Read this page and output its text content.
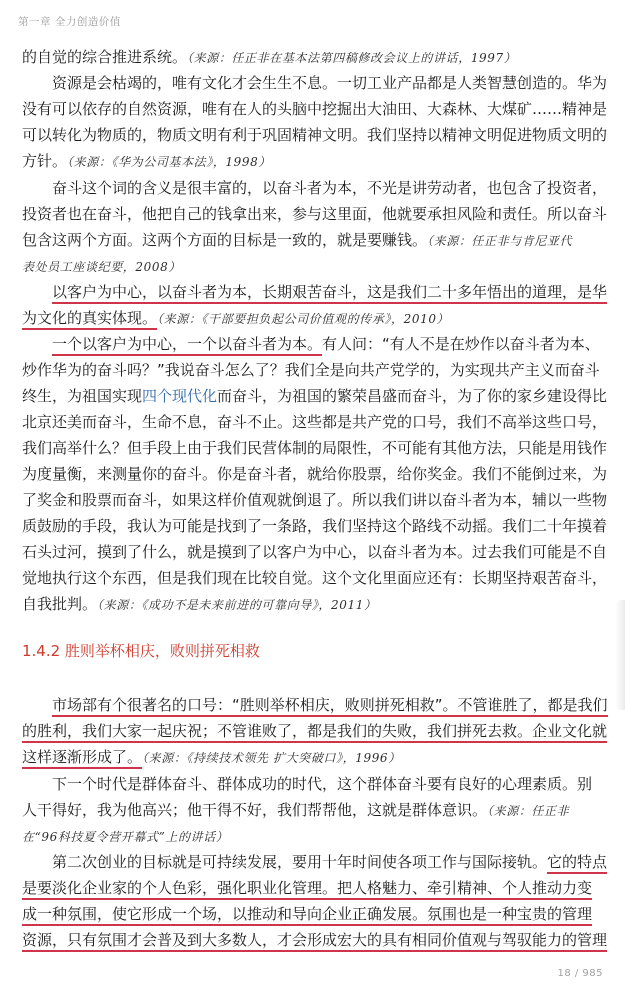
第一章 全力创造价值
的自觉的综合推进系统。（来源：任正非在基本法第四稿修改会议上的讲话，1997）
资源是会枯竭的，唯有文化才会生生不息。一切工业产品都是人类智慧创造的。华为
没有可以依存的自然资源，唯有在人的头脑中挖掘出大油田、大森林、大煤矿……精神是
可以转化为物质的，物质文明有利于巩固精神文明。我们坚持以精神文明促进物质文明的
方针。（来源：《华为公司基本法》，1998）
奋斗这个词的含义是很丰富的，以奋斗者为本，不光是讲劳动者，也包含了投资者，
投资者也在奋斗，他把自己的钱拿出来，参与这里面，他就要承担风险和责任。所以奋斗
包含这两个方面。这两个方面的目标是一致的，就是要赚钱。（来源：任正非与肯尼亚代
表处员工座谈纪要，2008）
以客户为中心，以奋斗者为本，长期艰苦奋斗，这是我们二十多年悟出的道理，是华
为文化的真实体现。（来源：《干部要担负起公司价值观的传承》，2010）
一个以客户为中心，一个以奋斗者为本。有人问：“有人不是在炒作以奋斗者为本、
炒作华为的奋斗吗？”我说奋斗怎么了？我们全是向共产党学的，为实现共产主义而奋斗
终生，为祖国实现四个现代化而奋斗，为祖国的繁荣昌盛而奋斗，为了你的家乡建设得比
北京还美而奋斗，生命不息，奋斗不止。这些都是共产党的口号，我们不高举这些口号，
我们高举什么？但手段上由于我们民营体制的局限性，不可能有其他方法，只能是用钱作
为度量衡，来测量你的奋斗。你是奋斗者，就给你股票，给你奖金。我们不能倒过来，为
了奖金和股票而奋斗，如果这样价值观就倒退了。所以我们讲以奋斗者为本，辅以一些物
质鼓励的手段，我认为可能是找到了一条路，我们坚持这个路线不动摇。我们二十年摸着
石头过河，摸到了什么，就是摸到了以客户为中心，以奋斗者为本。过去我们可能是不自
觉地执行这个东西，但是我们现在比较自觉。这个文化里面应还有：长期坚持艰苦奋斗，
自我批判。（来源：《成功不是未来前进的可靠向导》，2011）
1.4.2 胜则举杯相庆，败则拼死相救
市场部有个很著名的口号：“胜则举杯相庆，败则拼死相救”。不管谁胜了，都是我们
的胜利，我们大家一起庆祝；不管谁败了，都是我们的失败，我们拼死去救。企业文化就
这样逐渐形成了。（来源：《持续技术领先 扩大突破口》，1996）
下一个时代是群体奋斗、群体成功的时代，这个群体奋斗要有良好的心理素质。别
人干得好，我为他高兴；他干得不好，我们帮帮他，这就是群体意识。（来源：任正非
在“96科技夏令营开幕式”上的讲话）
第二次创业的目标就是可持续发展，要用十年时间使各项工作与国际接轨。它的特点
是要淡化企业家的个人色彩，强化职业化管理。把人格魅力、牵引精神、个人推动力变
成一种氛围，使它形成一个场，以推动和导向企业正确发展。氛围也是一种宝贵的管理
资源，只有氛围才会普及到大多数人，才会形成宏大的具有相同价值观与驾驭能力的管理
18 / 985
